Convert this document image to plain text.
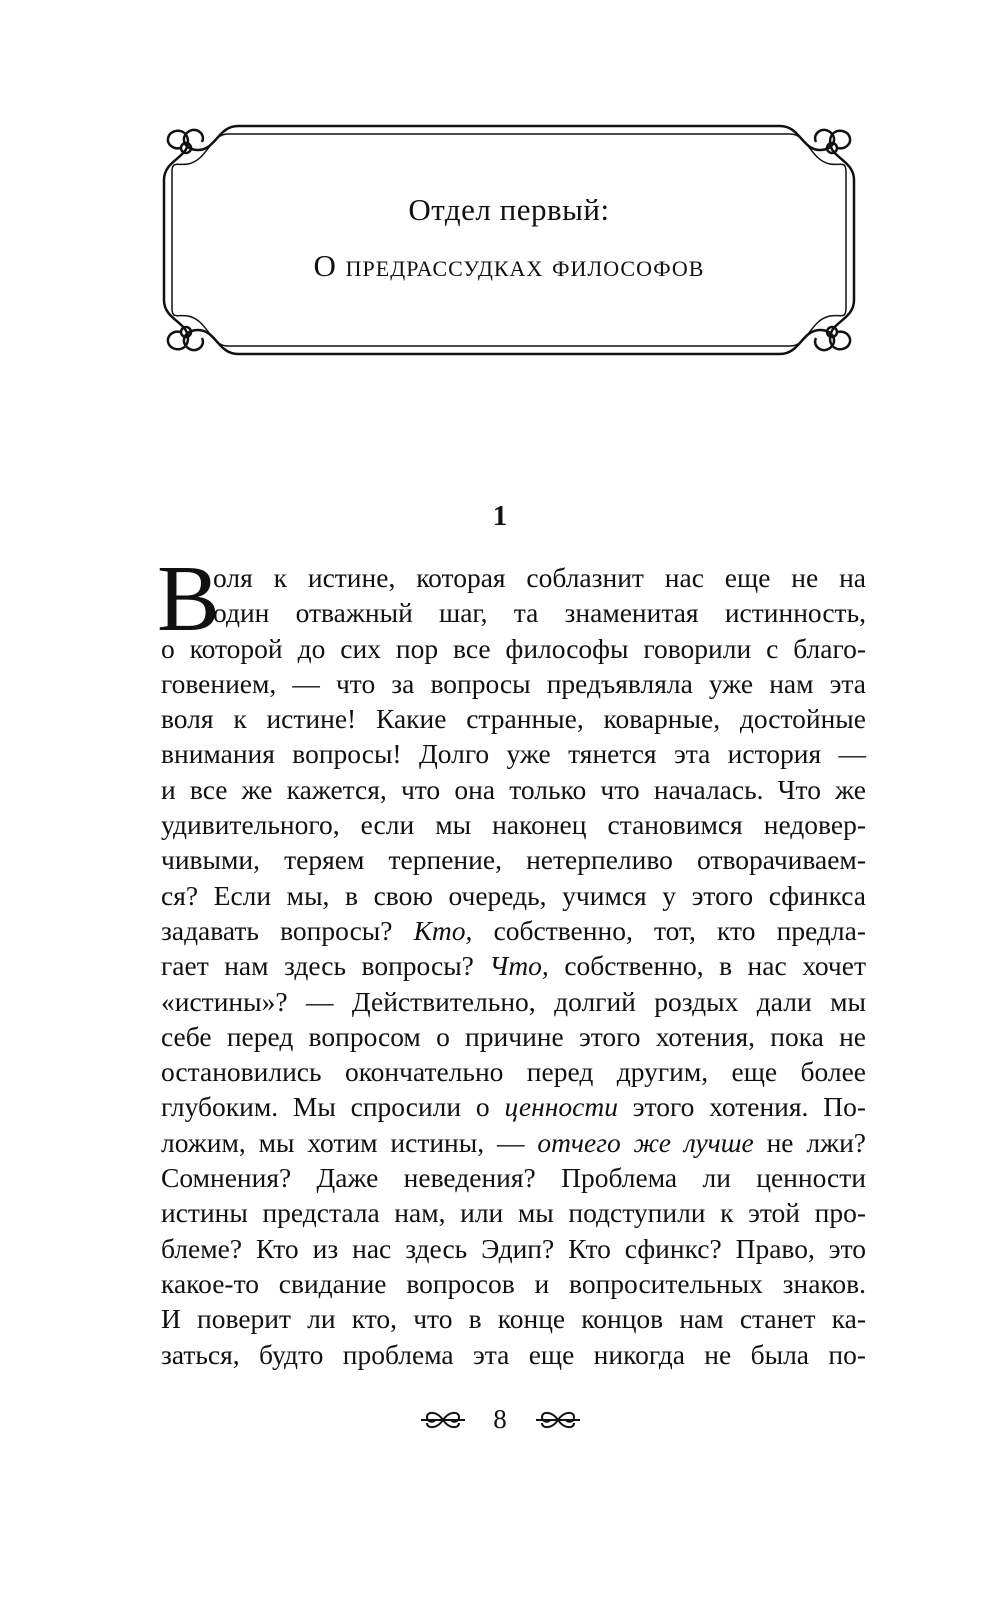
Отдел первый:
О предрассудках философов
1
В
оля к истине, которая соблазнит нас еще не на
один отважный шаг, та знаменитая истинность,
о которой до сих пор все философы говорили с благо-
говением, — что за вопросы предъявляла уже нам эта
воля к истине! Какие странные, коварные, достойные
внимания вопросы! Долго уже тянется эта история —
и все же кажется, что она только что началась. Что же
удивительного, если мы наконец становимся недовер-
чивыми, теряем терпение, нетерпеливо отворачиваем-
ся? Если мы, в свою очередь, учимся у этого сфинкса
задавать вопросы? Кто, собственно, тот, кто предла-
гает нам здесь вопросы? Что, собственно, в нас хочет
«истины»? — Действительно, долгий роздых дали мы
себе перед вопросом о причине этого хотения, пока не
остановились окончательно перед другим, еще более
глубоким. Мы спросили о ценности этого хотения. По-
ложим, мы хотим истины, — отчего же лучше не лжи?
Сомнения? Даже неведения? Проблема ли ценности
истины предстала нам, или мы подступили к этой про-
блеме? Кто из нас здесь Эдип? Кто сфинкс? Право, это
какое-то свидание вопросов и вопросительных знаков.
И поверит ли кто, что в конце концов нам станет ка-
заться, будто проблема эта еще никогда не была по-
8
